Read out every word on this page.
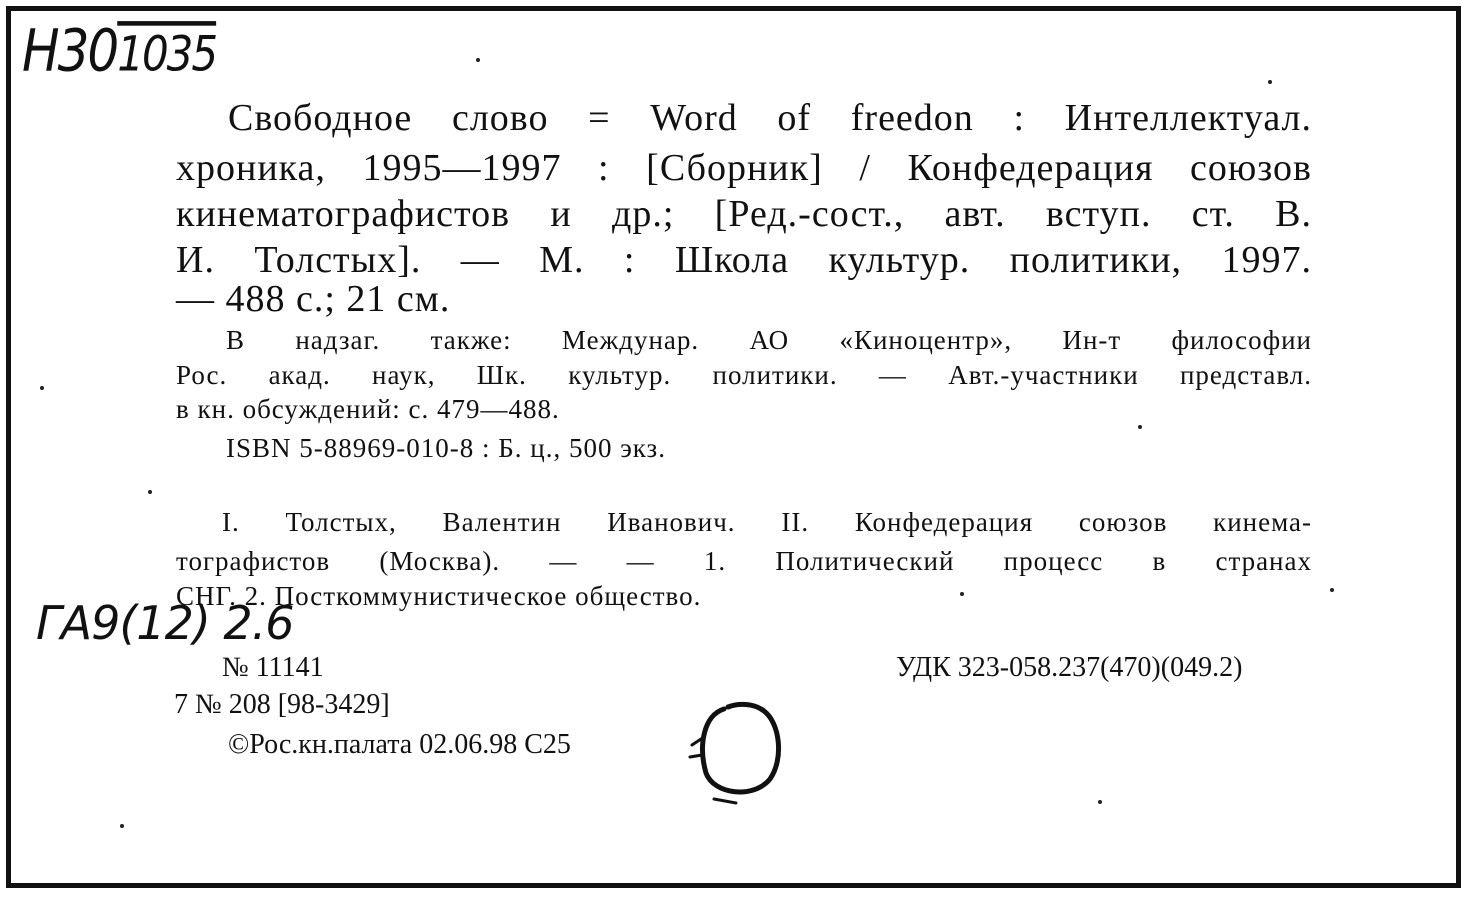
Н301035
Свободное слово = Word of freedon : Интеллектуал.
хроника, 1995—1997 : [Сборник] / Конфедерация союзов
кинематографистов и др.; [Ред.-сост., авт. вступ. ст. В.
И. Толстых]. — М. : Школа культур. политики, 1997.
— 488 с.; 21 см.
В надзаг. также: Междунар. АО «Киноцентр», Ин-т философии
Рос. акад. наук, Шк. культур. политики. — Авт.-участники представл.
в кн. обсуждений: с. 479—488.
ISBN 5-88969-010-8 : Б. ц., 500 экз.
I. Толстых, Валентин Иванович. II. Конфедерация союзов кинема-
тографистов (Москва). — — 1. Политический процесс в странах
СНГ. 2. Посткоммунистическое общество.
ГА9(12) 2.6
№ 11141	УДК 323-058.237(470)(049.2)
7 № 208 [98-3429]
©Рос.кн.палата 02.06.98 С25
